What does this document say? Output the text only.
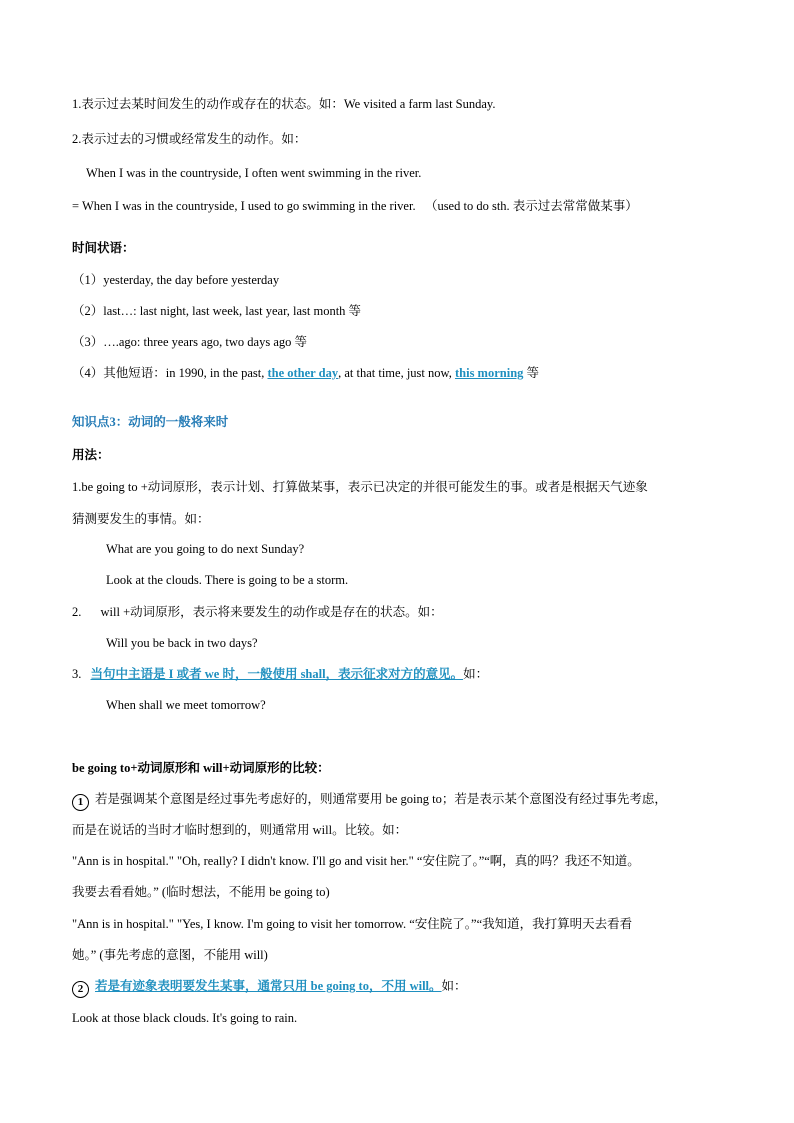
1.表示过去某时间发生的动作或存在的状态。如：We visited a farm last Sunday.
2.表示过去的习惯或经常发生的动作。如：
When I was in the countryside, I often went swimming in the river.
= When I was in the countryside, I used to go swimming in the river.   （used to do sth. 表示过去常常做某事）
时间状语：
（1）yesterday, the day before yesterday
（2）last…: last night, last week, last year, last month 等
（3）….ago: three years ago, two days ago 等
（4）其他短语：in 1990, in the past, the other day, at that time, just now, this morning 等
知识点3：动词的一般将来时
用法：
1.be going to +动词原形，表示计划、打算做某事，表示已决定的并很可能发生的事。或者是根据天气迹象
猜测要发生的事情。如：
What are you going to do next Sunday?
Look at the clouds. There is going to be a storm.
2. will +动词原形，表示将来要发生的动作或是存在的状态。如：
Will you be back in two days?
3. 当句中主语是 I 或者 we 时，一般使用 shall，表示征求对方的意见。如：
When shall we meet tomorrow?
be going to+动词原形和 will+动词原形的比较：
1 若是强调某个意图是经过事先考虑好的，则通常要用 be going to；若是表示某个意图没有经过事先考虑，
而是在说话的当时才临时想到的，则通常用 will。比较。如：
"Ann is in hospital." "Oh, really? I didn't know. I'll go and visit her." “安住院了。”“啊，真的吗？我还不知道。
我要去看看她。” (临时想法，不能用 be going to)
"Ann is in hospital." "Yes, I know. I'm going to visit her tomorrow. “安住院了。”“我知道，我打算明天去看看
她。” (事先考虑的意图，不能用 will)
2 若是有迹象表明要发生某事，通常只用 be going to，不用 will。如：
Look at those black clouds. It's going to rain.
